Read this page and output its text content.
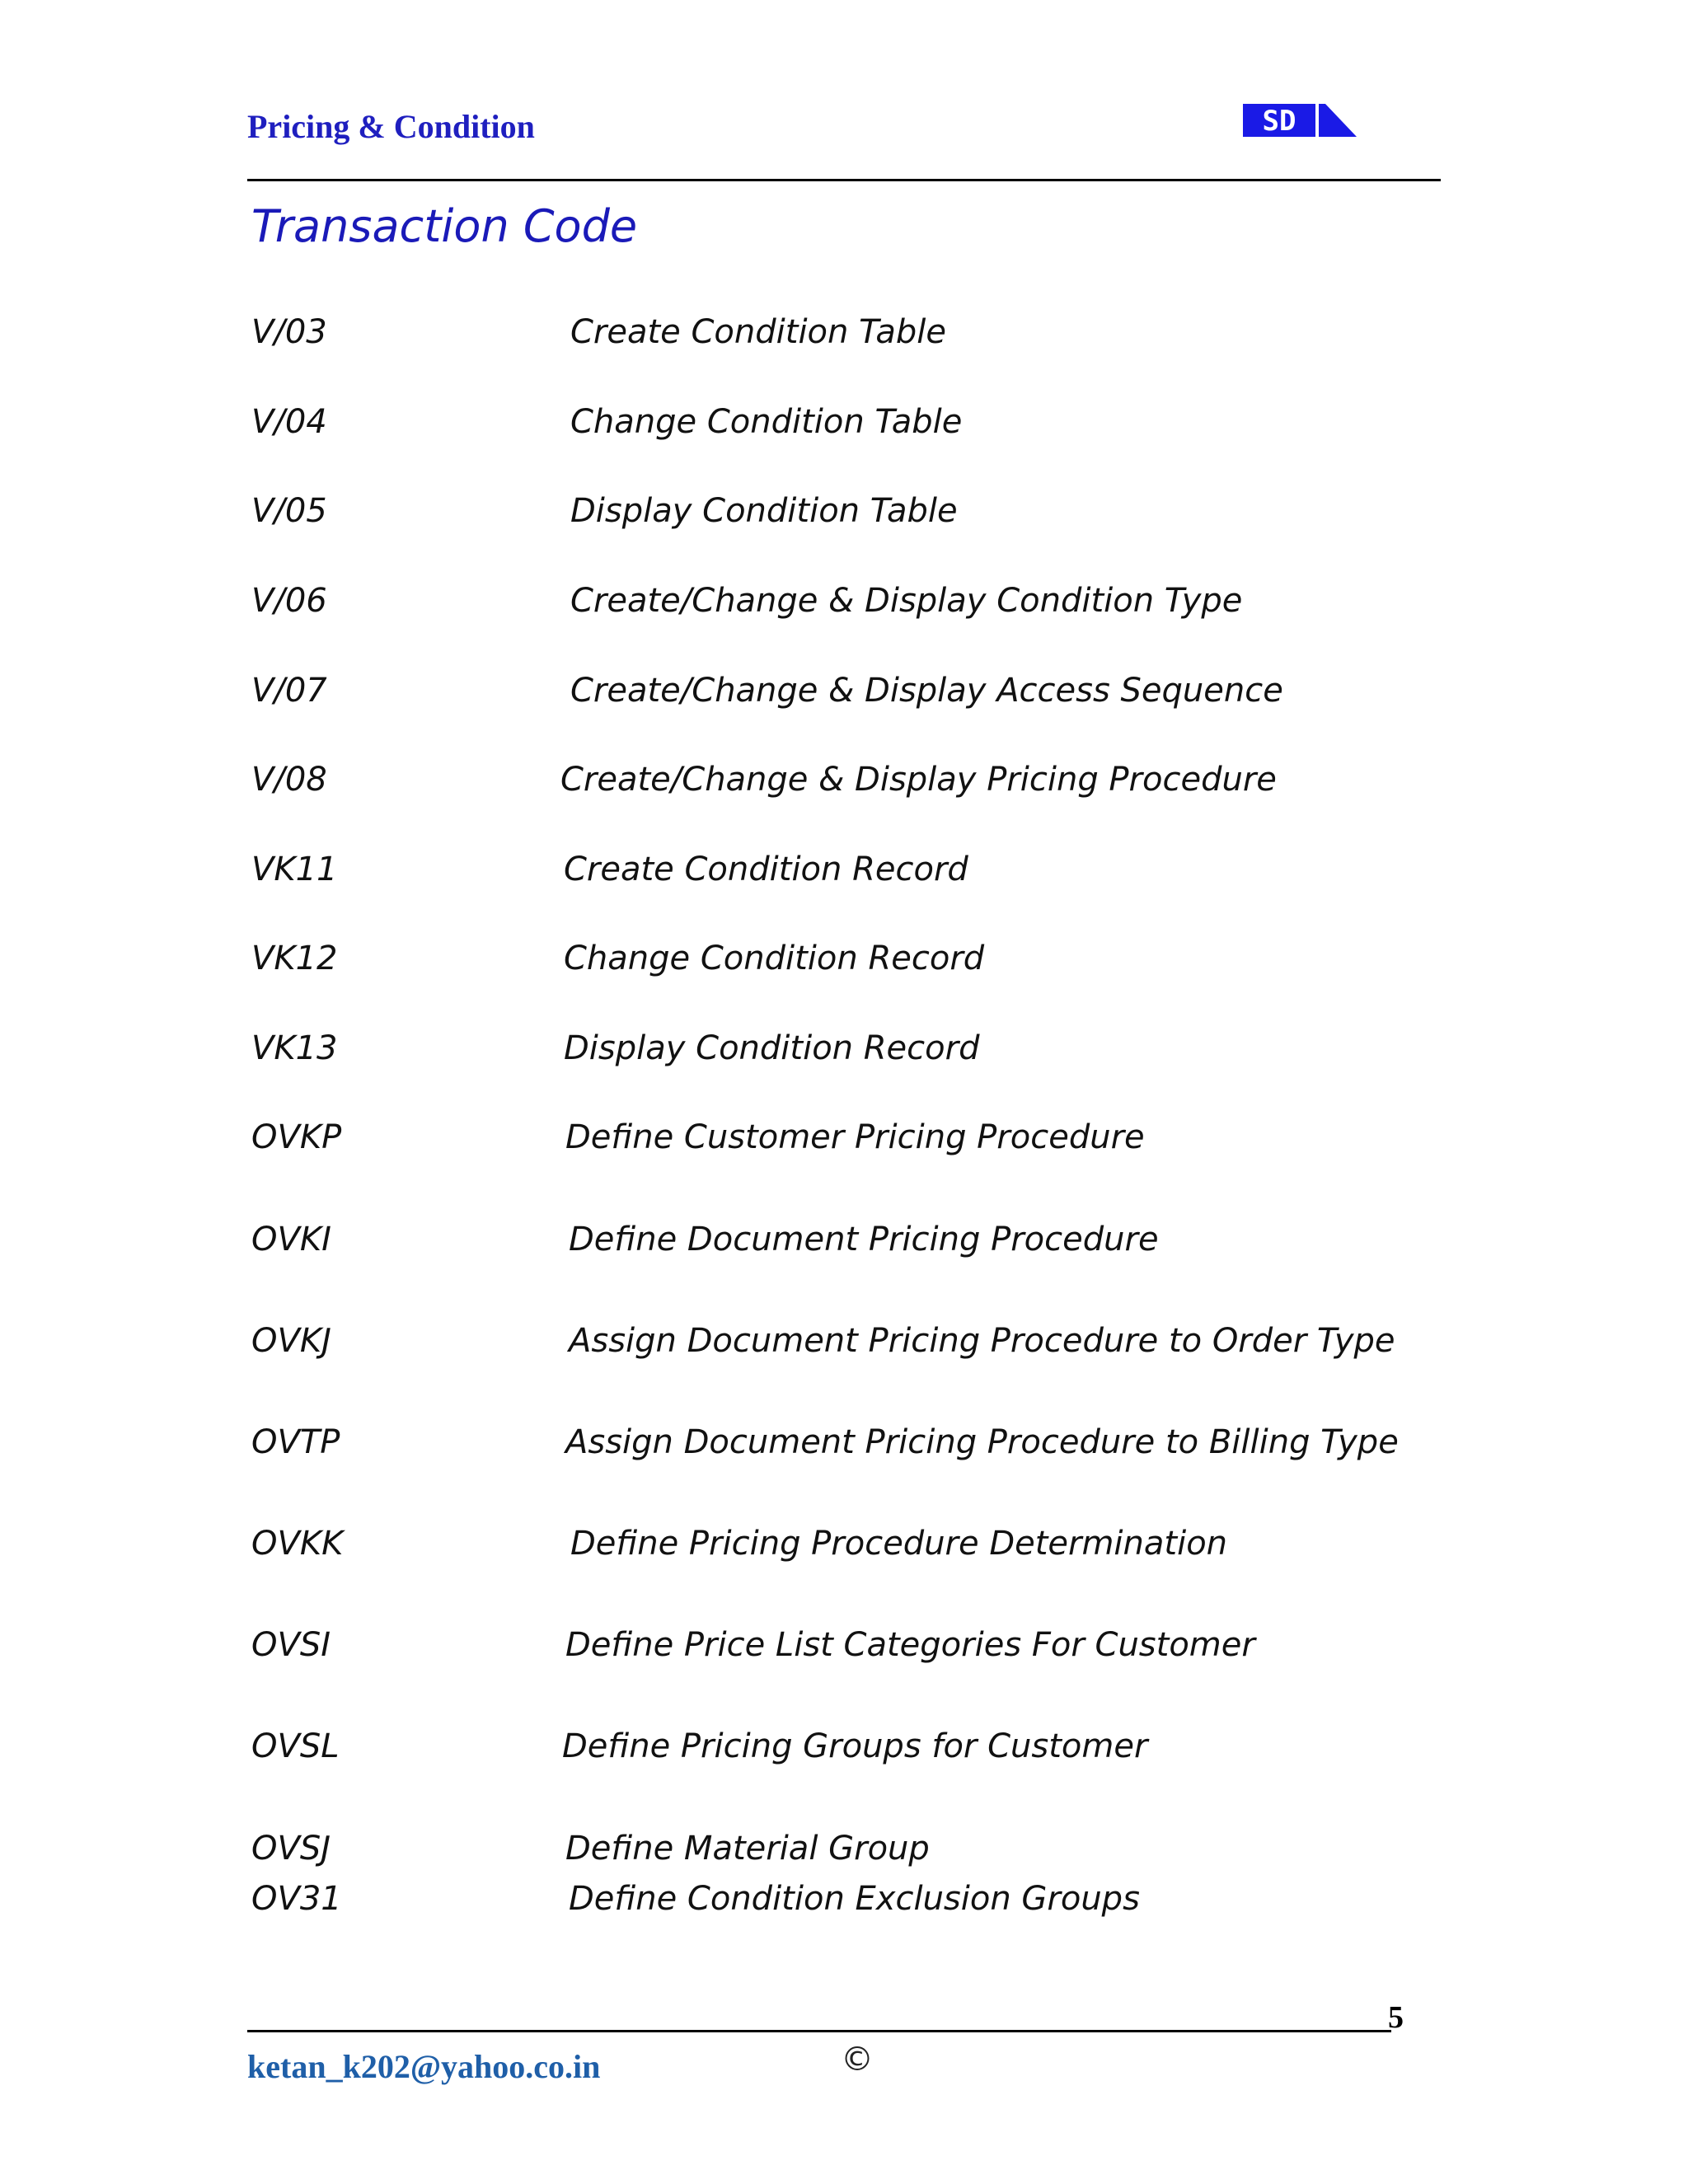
Pricing & Condition	SD
Transaction Code
V/03	Create Condition Table
V/04	Change Condition Table
V/05	Display Condition Table
V/06	Create/Change & Display Condition Type
V/07	Create/Change & Display Access Sequence
V/08	Create/Change & Display Pricing Procedure
VK11	Create Condition Record
VK12	Change Condition Record
VK13	Display Condition Record
OVKP	Define Customer Pricing Procedure
OVKI	Define Document Pricing Procedure
OVKJ	Assign Document Pricing Procedure to Order Type
OVTP	Assign Document Pricing Procedure to Billing Type
OVKK	Define Pricing Procedure Determination
OVSI	Define Price List Categories For Customer
OVSL	Define Pricing Groups for Customer
OVSJ	Define Material Group
OV31	Define Condition Exclusion Groups
5
ketan_k202@yahoo.co.in	©
